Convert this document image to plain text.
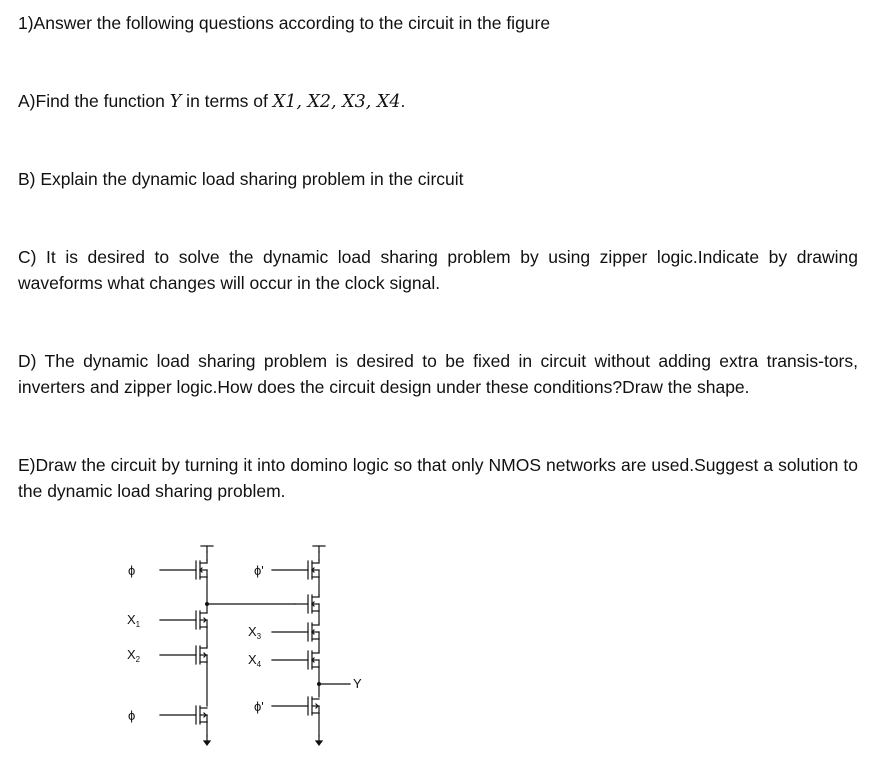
1)Answer the following questions according to the circuit in the figure

A)Find the function Y in terms of X1, X2, X3, X4.

B) Explain the dynamic load sharing problem in the circuit

C) It is desired to solve the dynamic load sharing problem by using zipper logic.Indicate by drawing waveforms what changes will occur in the clock signal.

D) The dynamic load sharing problem is desired to be fixed in circuit without adding extra transis-tors, inverters and zipper logic.How does the circuit design under these conditions?Draw the shape.

E)Draw the circuit by turning it into domino logic so that only NMOS networks are used.Suggest a solution to the dynamic load sharing problem.

ϕ
$X_1$
$X_2$
ϕ
ϕ'
$X_3$
$X_4$
ϕ'
Y
